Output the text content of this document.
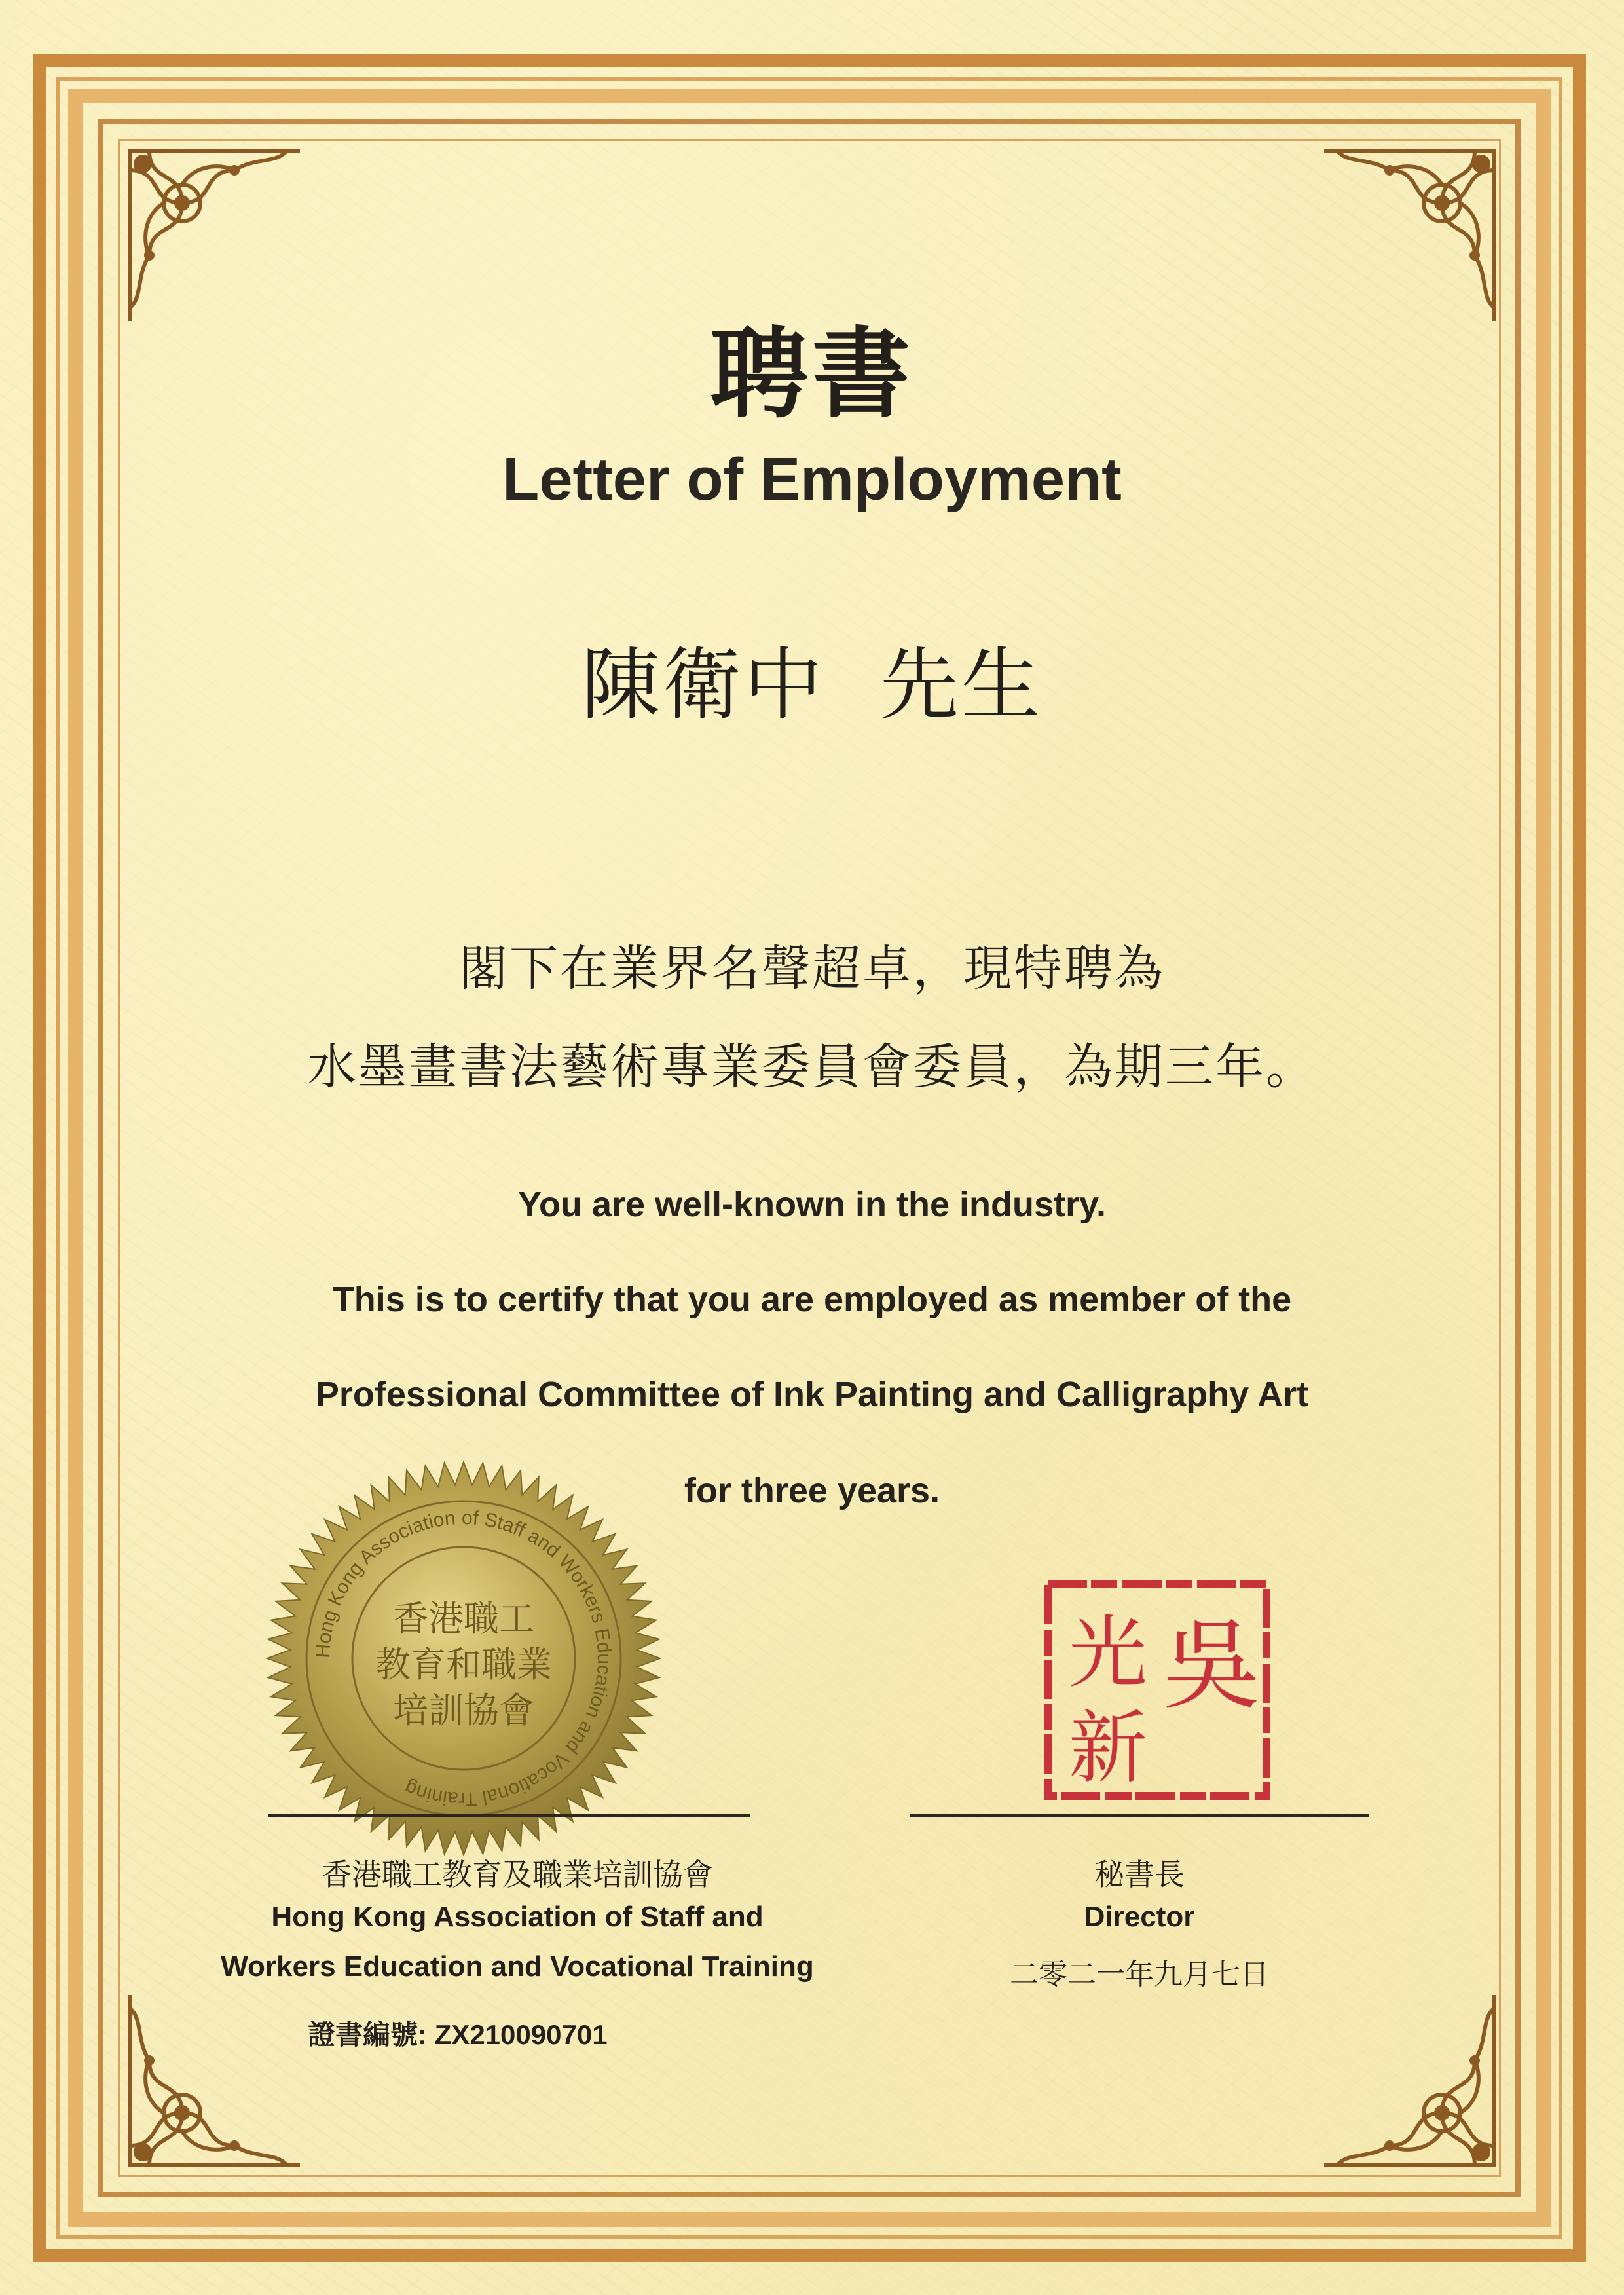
聘書
Letter of Employment
陳衛中  先生
閣下在業界名聲超卓，現特聘為
水墨畫書法藝術專業委員會委員，為期三年。
You are well-known in the industry.
This is to certify that you are employed as member of the
Professional Committee of Ink Painting and Calligraphy Art
for three years.
Hong Kong Association of Staff and Workers Education and Vocational Training
香港職工
教育和職業
培訓協會	吳
光
新
香港職工教育及職業培訓協會
Hong Kong Association of Staff and
Workers Education and Vocational Training
證書編號: ZX210090701
秘書長
Director
二零二一年九月七日
